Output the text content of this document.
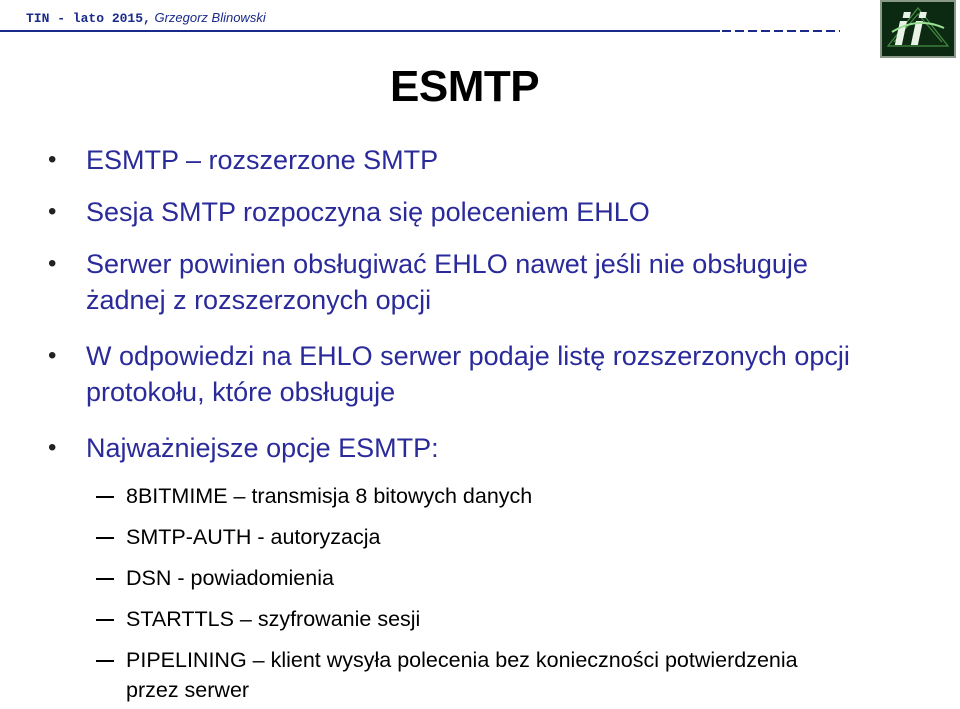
TIN - lato 2015, Grzegorz Blinowski
ESMTP
• ESMTP – rozszerzone SMTP
• Sesja SMTP rozpoczyna się poleceniem EHLO
• Serwer powinien obsługiwać EHLO nawet jeśli nie obsługuje żadnej z rozszerzonych opcji
• W odpowiedzi na EHLO serwer podaje listę rozszerzonych opcji protokołu, które obsługuje
• Najważniejsze opcje ESMTP:
8BITMIME – transmisja 8 bitowych danych
SMTP-AUTH - autoryzacja
DSN - powiadomienia
STARTTLS – szyfrowanie sesji
PIPELINING – klient wysyła polecenia bez konieczności potwierdzenia przez serwer
